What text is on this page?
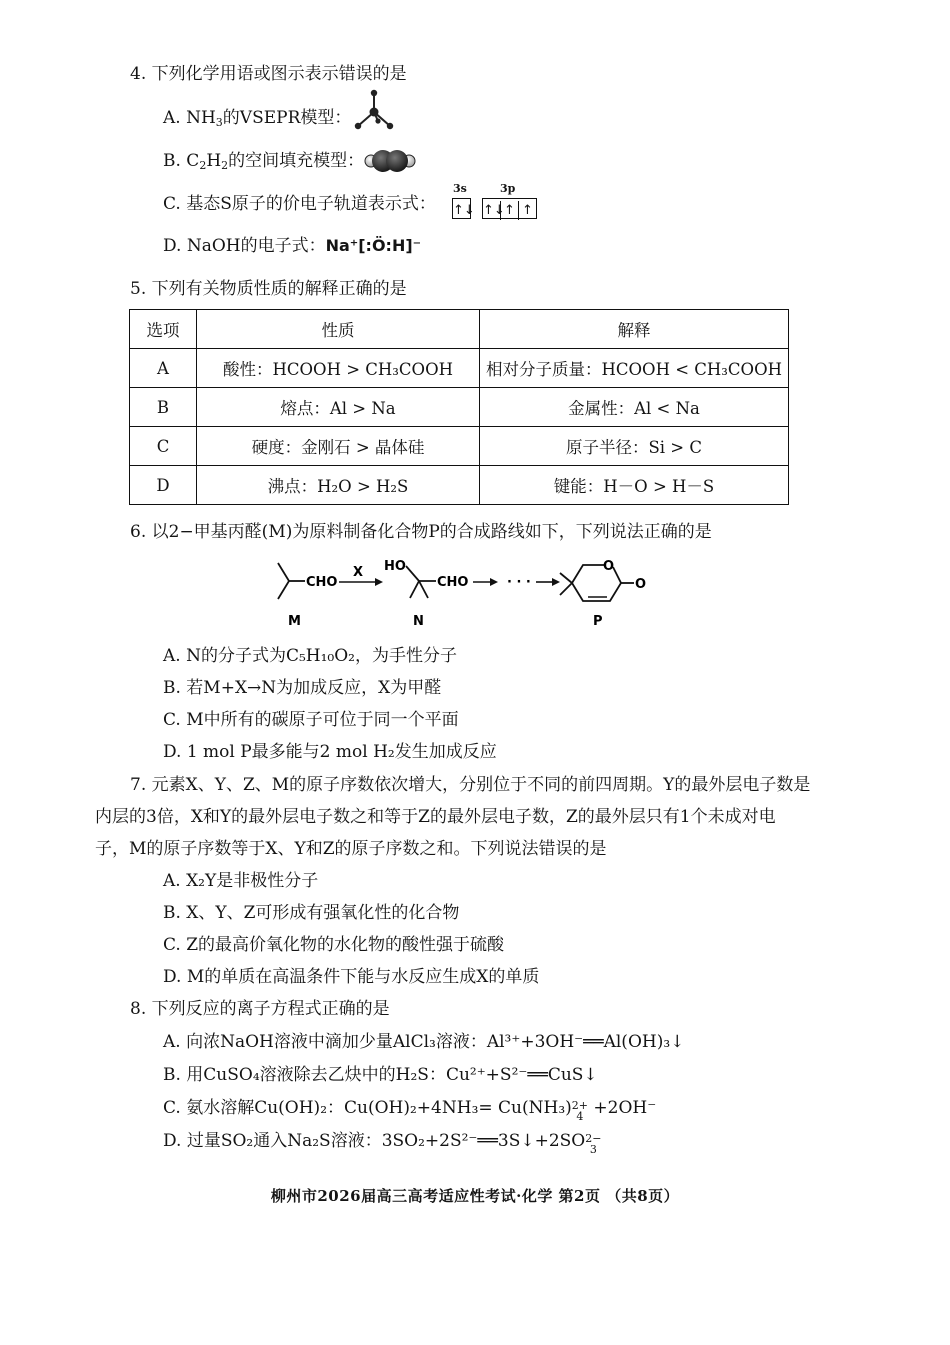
4. 下列化学用语或图示表示错误的是
A. $NH_3$的VSEPR模型：
B. $C_2H_2$的空间填充模型：
C. 基态S原子的价电子轨道表示式：
3s	3p
↑↓ ↑↓↑ ↑
D. NaOH的电子式：Na⁺[:Ö:H]⁻
5. 下列有关物质性质的解释正确的是
选项	性质	解释
A	酸性：HCOOH > CH₃COOH	相对分子质量：HCOOH < CH₃COOH
B	熔点：Al > Na	金属性：Al < Na
C	硬度：金刚石 > 晶体硅	原子半径：Si > C
D	沸点：H₂O > H₂S	键能：H－O > H－S
6. 以2−甲基丙醛(M)为原料制备化合物P的合成路线如下，下列说法正确的是
CHO
X
M
HO
CHO	· · ·
N
O
O
P
A. N的分子式为C₅H₁₀O₂，为手性分子
B. 若M+X→N为加成反应，X为甲醛
C. M中所有的碳原子可位于同一个平面
D. 1 mol P最多能与2 mol H₂发生加成反应
7. 元素X、Y、Z、M的原子序数依次增大，分别位于不同的前四周期。Y的最外层电子数是
内层的3倍，X和Y的最外层电子数之和等于Z的最外层电子数，Z的最外层只有1个未成对电
子，M的原子序数等于X、Y和Z的原子序数之和。下列说法错误的是
A. X₂Y是非极性分子
B. X、Y、Z可形成有强氧化性的化合物
C. Z的最高价氧化物的水化物的酸性强于硫酸
D. M的单质在高温条件下能与水反应生成X的单质
8. 下列反应的离子方程式正确的是
A. 向浓NaOH溶液中滴加少量AlCl₃溶液：Al³⁺+3OH⁻══Al(OH)₃↓
B. 用CuSO₄溶液除去乙炔中的H₂S：Cu²⁺+S²⁻══CuS↓
C. 氨水溶解Cu(OH)₂：Cu(OH)₂+4NH₃= Cu(NH₃)2+
4 +2OH⁻
D. 过量SO₂通入Na₂S溶液：3SO₂+2S²⁻══3S↓+2SO2−
3
柳州市2026届高三高考适应性考试·化学 第2页 （共8页）
